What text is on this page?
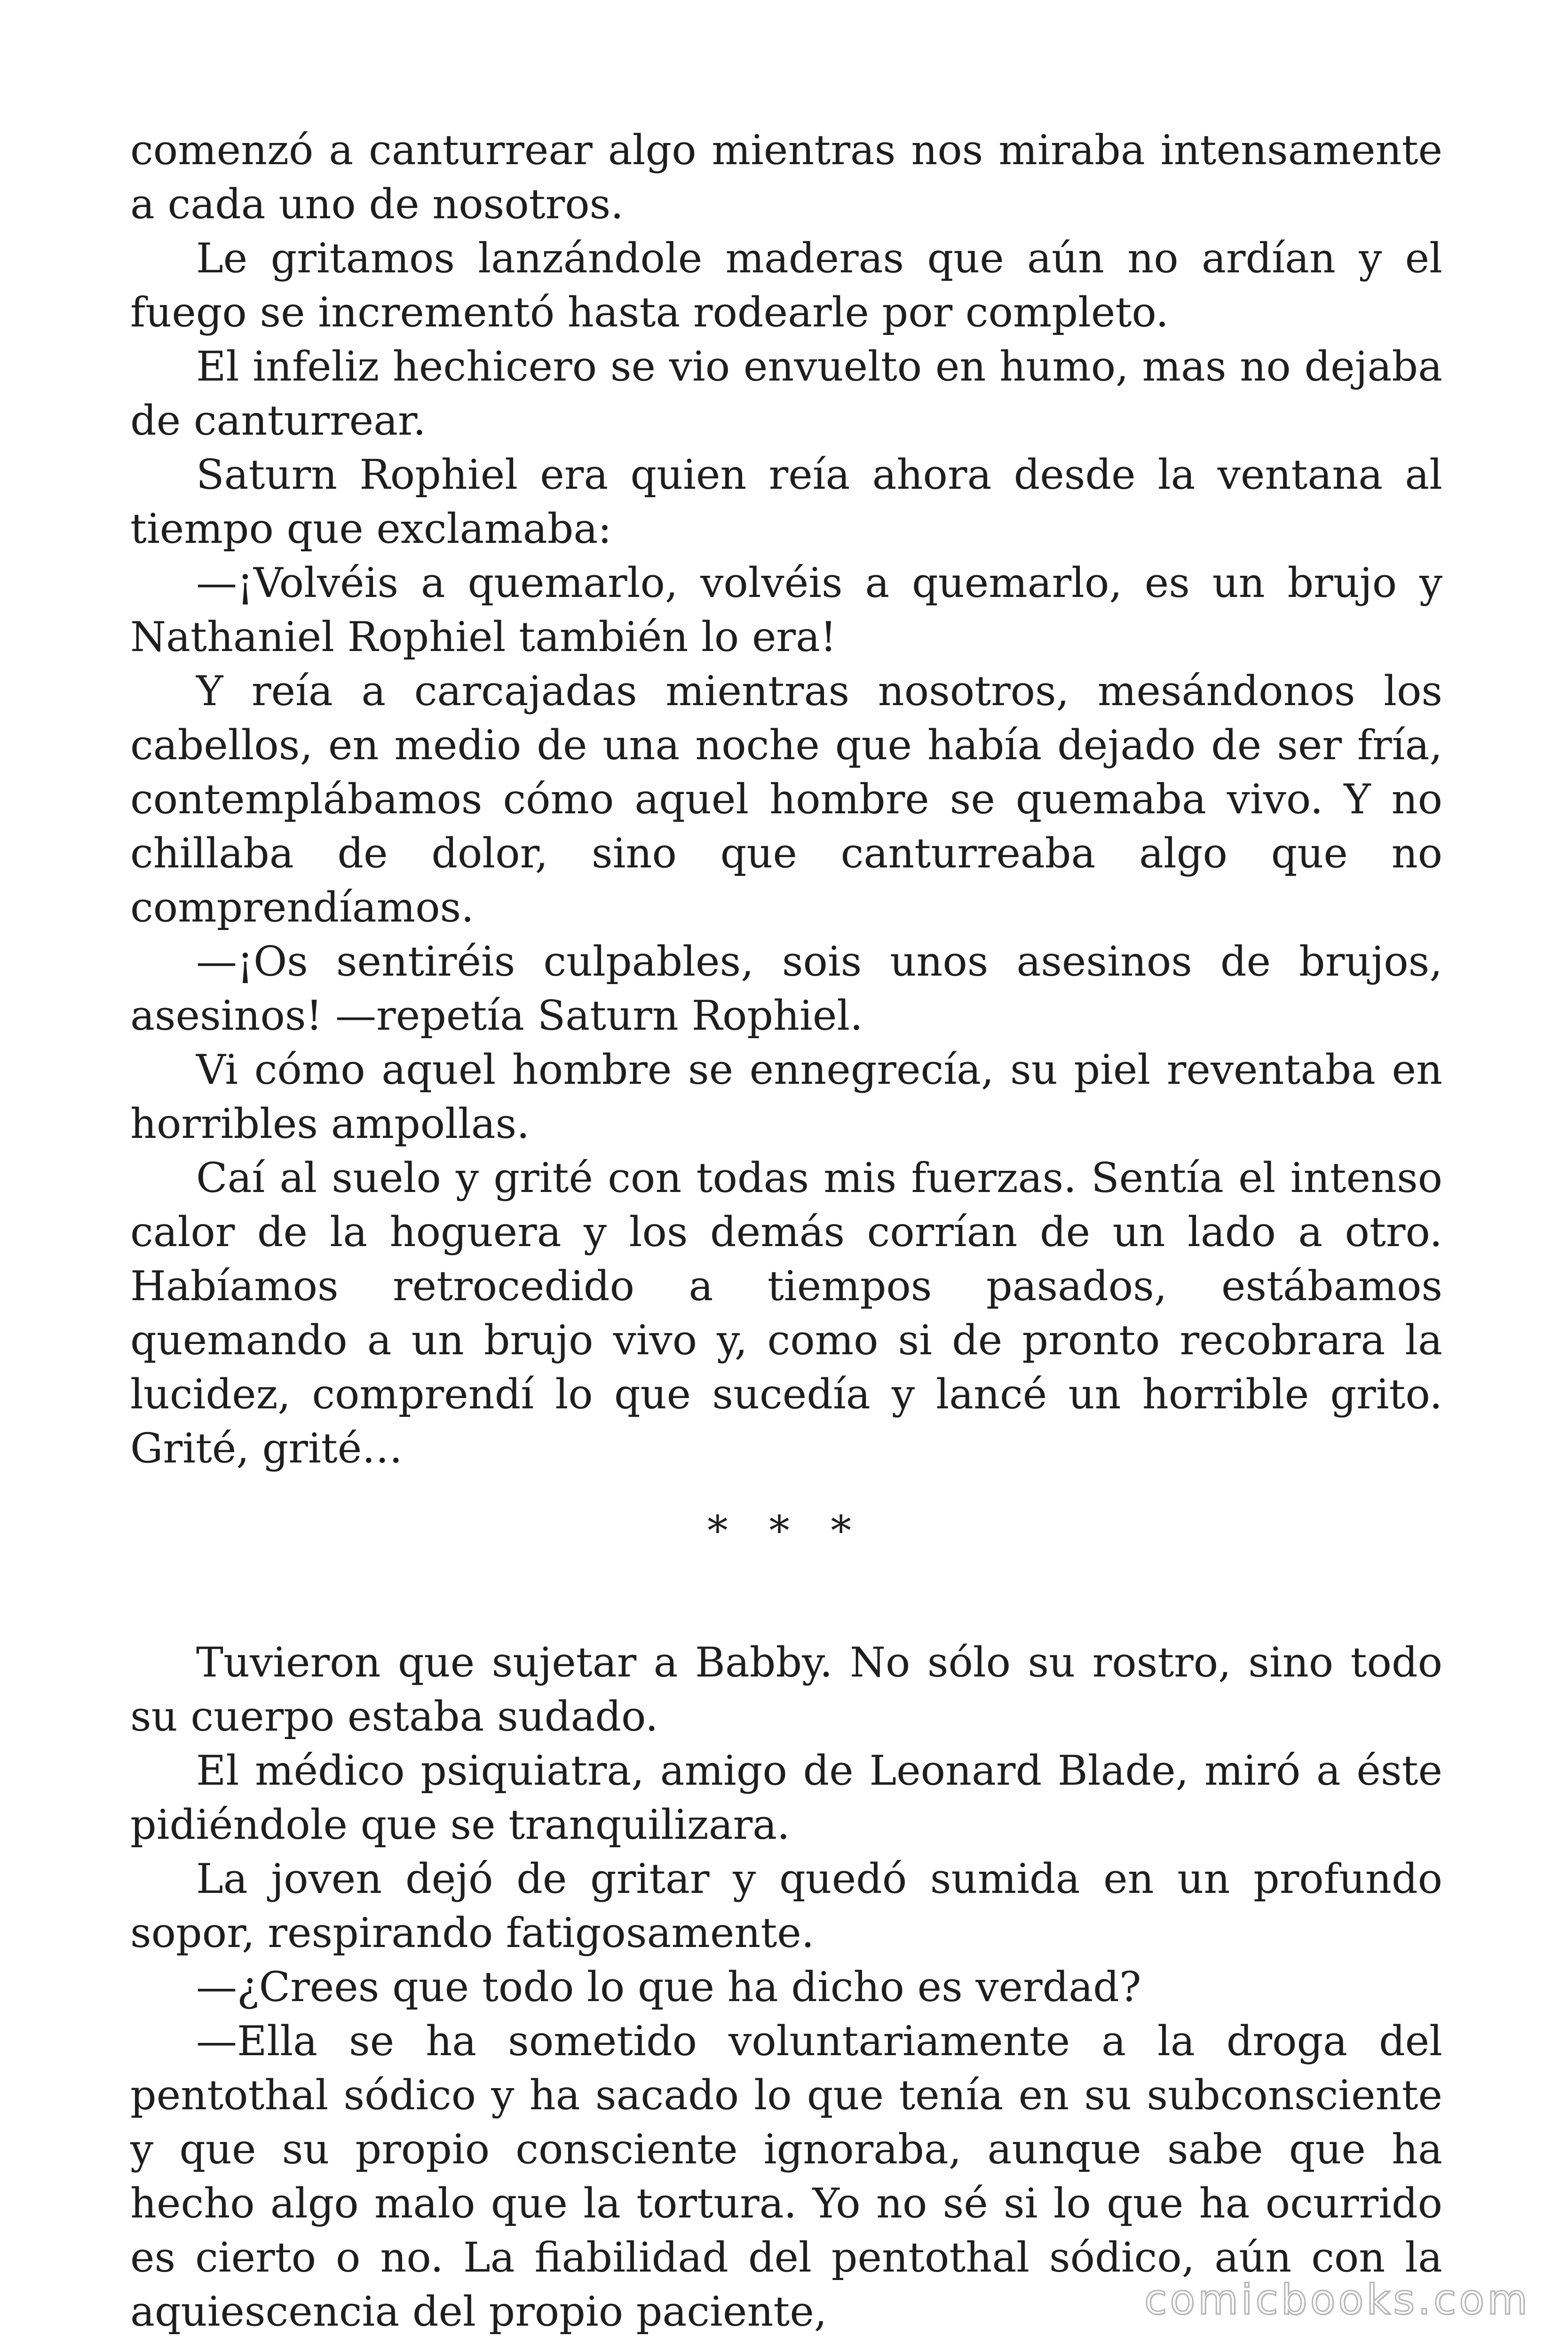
comenzó a canturrear algo mientras nos miraba intensamente a cada uno de nosotros.

Le gritamos lanzándole maderas que aún no ardían y el fuego se incrementó hasta rodearle por completo.

El infeliz hechicero se vio envuelto en humo, mas no dejaba de canturrear.

Saturn Rophiel era quien reía ahora desde la ventana al tiempo que exclamaba:

—¡Volvéis a quemarlo, volvéis a quemarlo, es un brujo y Nathaniel Rophiel también lo era!

Y reía a carcajadas mientras nosotros, mesándonos los cabellos, en medio de una noche que había dejado de ser fría, contemplábamos cómo aquel hombre se quemaba vivo. Y no chillaba de dolor, sino que canturreaba algo que no comprendíamos.

—¡Os sentiréis culpables, sois unos asesinos de brujos, asesinos! —repetía Saturn Rophiel.

Vi cómo aquel hombre se ennegrecía, su piel reventaba en horribles ampollas.

Caí al suelo y grité con todas mis fuerzas. Sentía el intenso calor de la hoguera y los demás corrían de un lado a otro. Habíamos retrocedido a tiempos pasados, estábamos quemando a un brujo vivo y, como si de pronto recobrara la lucidez, comprendí lo que sucedía y lancé un horrible grito. Grité, grité…

* * *

Tuvieron que sujetar a Babby. No sólo su rostro, sino todo su cuerpo estaba sudado.

El médico psiquiatra, amigo de Leonard Blade, miró a éste pidiéndole que se tranquilizara.

La joven dejó de gritar y quedó sumida en un profundo sopor, respirando fatigosamente.

—¿Crees que todo lo que ha dicho es verdad?

—Ella se ha sometido voluntariamente a la droga del pentothal sódico y ha sacado lo que tenía en su subconsciente y que su propio consciente ignoraba, aunque sabe que ha hecho algo malo que la tortura. Yo no sé si lo que ha ocurrido es cierto o no. La fiabilidad del pentothal sódico, aún con la aquiescencia del propio paciente,	comicbooks.com
